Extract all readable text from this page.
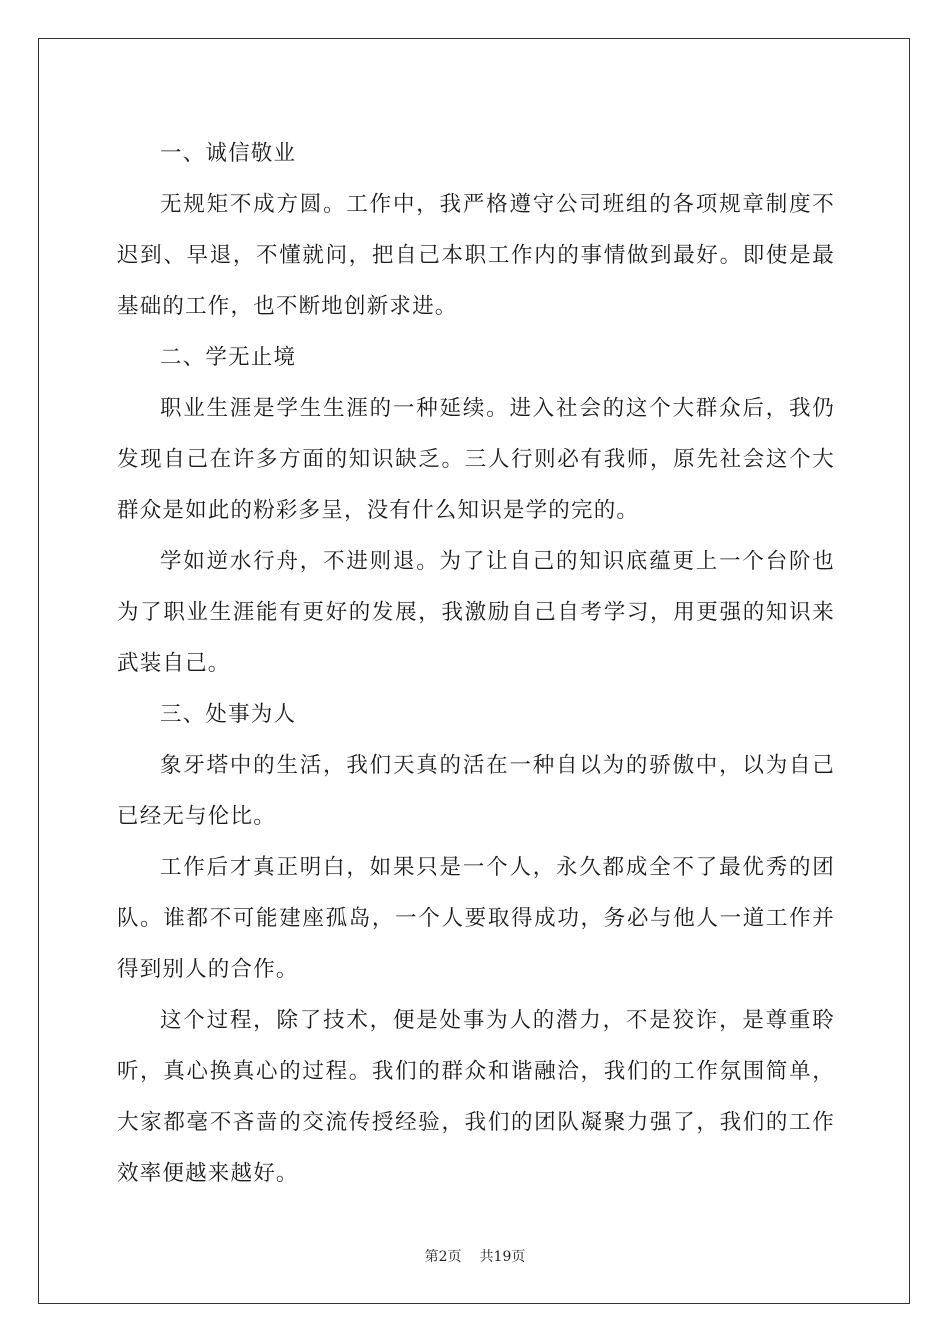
一、诚信敬业

无规矩不成方圆。工作中，我严格遵守公司班组的各项规章制度不迟到、早退，不懂就问，把自己本职工作内的事情做到最好。即使是最基础的工作，也不断地创新求进。

二、学无止境

职业生涯是学生生涯的一种延续。进入社会的这个大群众后，我仍发现自己在许多方面的知识缺乏。三人行则必有我师，原先社会这个大群众是如此的粉彩多呈，没有什么知识是学的完的。

学如逆水行舟，不进则退。为了让自己的知识底蕴更上一个台阶也为了职业生涯能有更好的发展，我激励自己自考学习，用更强的知识来武装自己。

三、处事为人

象牙塔中的生活，我们天真的活在一种自以为的骄傲中，以为自己已经无与伦比。

工作后才真正明白，如果只是一个人，永久都成全不了最优秀的团队。谁都不可能建座孤岛，一个人要取得成功，务必与他人一道工作并得到别人的合作。

这个过程，除了技术，便是处事为人的潜力，不是狡诈，是尊重聆听，真心换真心的过程。我们的群众和谐融洽，我们的工作氛围简单，大家都毫不吝啬的交流传授经验，我们的团队凝聚力强了，我们的工作效率便越来越好。

第2页 共19页
